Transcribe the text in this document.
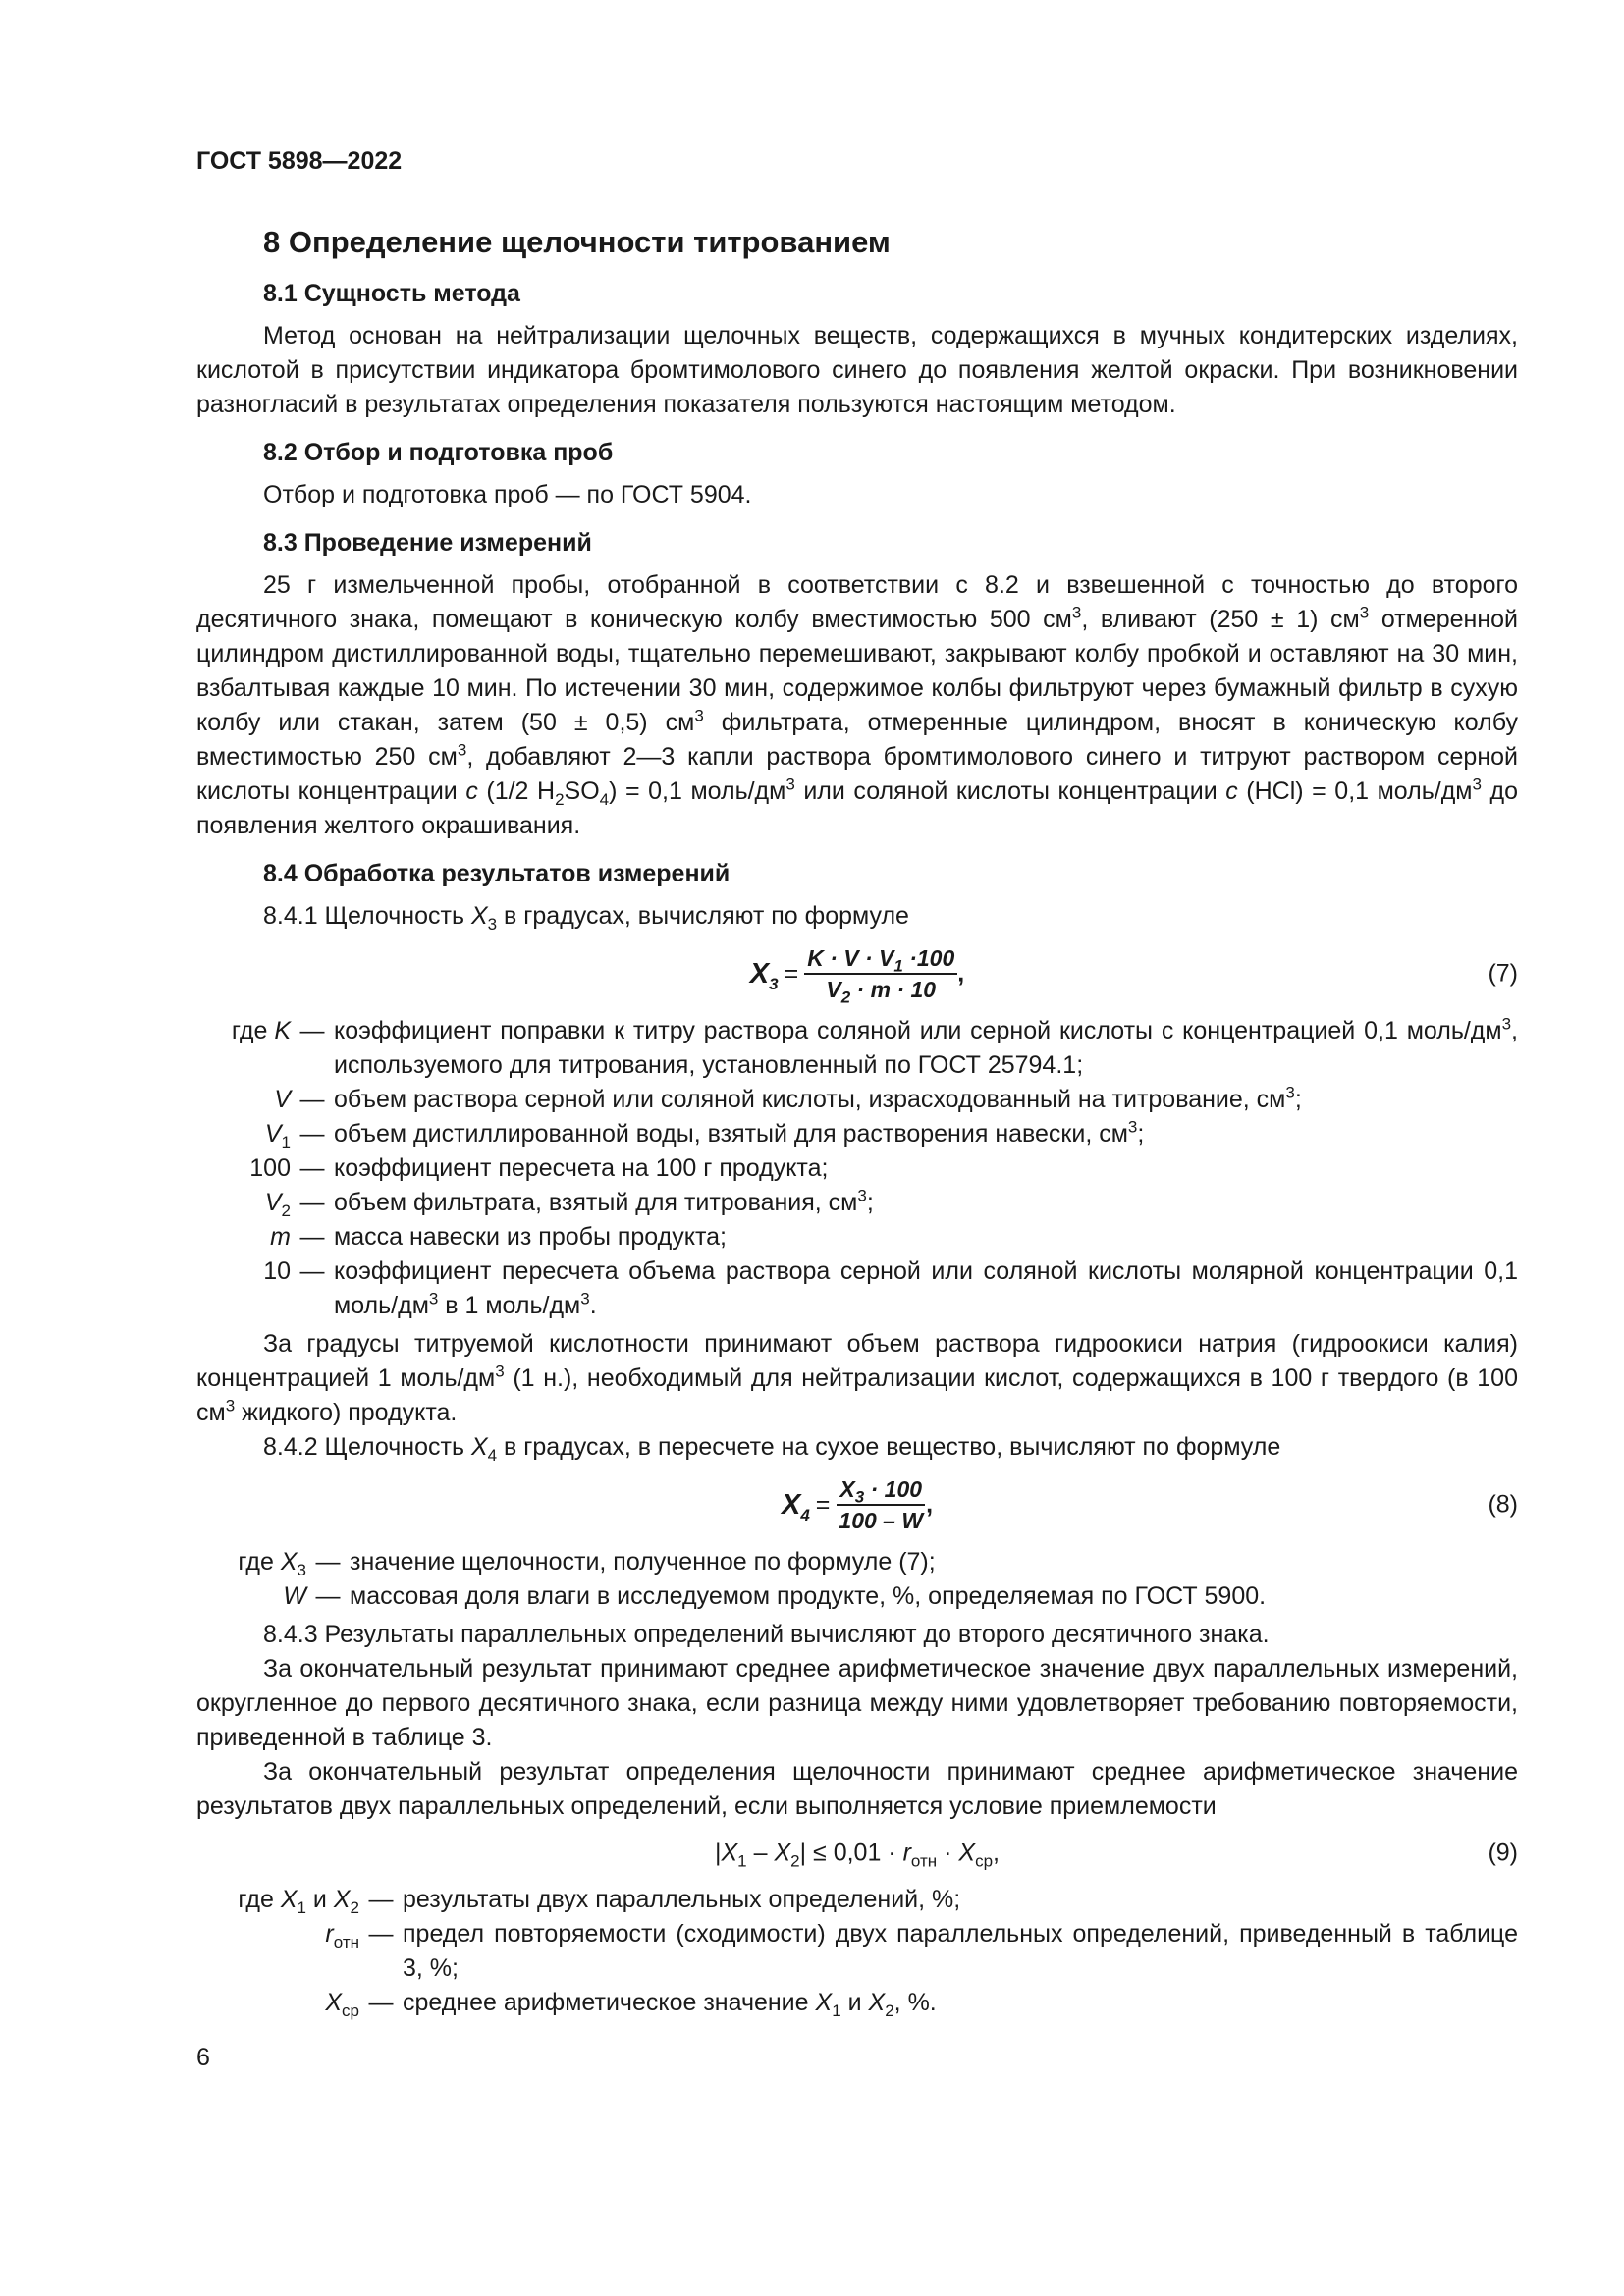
ГОСТ 5898—2022
8 Определение щелочности титрованием
8.1 Сущность метода

Метод основан на нейтрализации щелочных веществ, содержащихся в мучных кондитерских изделиях, кислотой в присутствии индикатора бромтимолового синего до появления желтой окраски. При возникновении разногласий в результатах определения показателя пользуются настоящим методом.

8.2 Отбор и подготовка проб

Отбор и подготовка проб — по ГОСТ 5904.

8.3 Проведение измерений

25 г измельченной пробы, отобранной в соответствии с 8.2 и взвешенной с точностью до второго десятичного знака, помещают в коническую колбу вместимостью 500 $см^3$, вливают (250 ± 1) $см^3$ отмеренной цилиндром дистиллированной воды, тщательно перемешивают, закрывают колбу пробкой и оставляют на 30 мин, взбалтывая каждые 10 мин. По истечении 30 мин, содержимое колбы фильтруют через бумажный фильтр в сухую колбу или стакан, затем (50 ± 0,5) $см^3$ фильтрата, отмеренные цилиндром, вносят в коническую колбу вместимостью 250 $см^3$, добавляют 2—3 капли раствора бромтимолового синего и титруют раствором серной кислоты концентрации c (1/2 $H_2SO_4) = 0,1$ моль/$дм^3$ или соляной кислоты концентрации c (HCl) = 0,1 моль/$дм^3$ до появления желтого окрашивания.

8.4 Обработка результатов измерений

8.4.1 Щелочность $X_3$ в градусах, вычисляют по формуле

$X_3 = \frac{K \cdot V \cdot V_1 \cdot 100}{V_2 \cdot m \cdot 10}$ ,	(7)
где K — коэффициент поправки к титру раствора соляной или серной кислоты с концентрацией 0,1 моль/$дм^3$, используемого для титрования, установленный по ГОСТ 25794.1;
V — объем раствора серной или соляной кислоты, израсходованный на титрование, $см^3$;
$V_1$ — объем дистиллированной воды, взятый для растворения навески, $см^3$;
100 — коэффициент пересчета на 100 г продукта;
$V_2$ — объем фильтрата, взятый для титрования, $см^3$;
m — масса навески из пробы продукта;
10 — коэффициент пересчета объема раствора серной или соляной кислоты молярной концентрации 0,1 моль/$дм^3$ в 1 моль/$дм^3$.

За градусы титруемой кислотности принимают объем раствора гидроокиси натрия (гидроокиси калия) концентрацией 1 моль/$дм^3$ (1 н.), необходимый для нейтрализации кислот, содержащихся в 100 г твердого (в 100 $см^3$ жидкого) продукта.

8.4.2 Щелочность $X_4$ в градусах, в пересчете на сухое вещество, вычисляют по формуле

$X_4 = \frac{X_3 \cdot 100}{100 - W}$ ,	(8)
где $X_3$ — значение щелочности, полученное по формуле (7);
W — массовая доля влаги в исследуемом продукте, %, определяемая по ГОСТ 5900.

8.4.3 Результаты параллельных определений вычисляют до второго десятичного знака.

За окончательный результат принимают среднее арифметическое значение двух параллельных измерений, округленное до первого десятичного знака, если разница между ними удовлетворяет требованию повторяемости, приведенной в таблице 3.

За окончательный результат определения щелочности принимают среднее арифметическое значение результатов двух параллельных определений, если выполняется условие приемлемости

$|X_1 - X_2| \le 0,01 \cdot r_{отн} \cdot X_{ср}$,	(9)
где $X_1$ и $X_2$ — результаты двух параллельных определений, %;
$r_{отн}$ — предел повторяемости (сходимости) двух параллельных определений, приведенный в таблице 3, %;
$X_{ср}$ — среднее арифметическое значение $X_1$ и $X_2$, %.
6
